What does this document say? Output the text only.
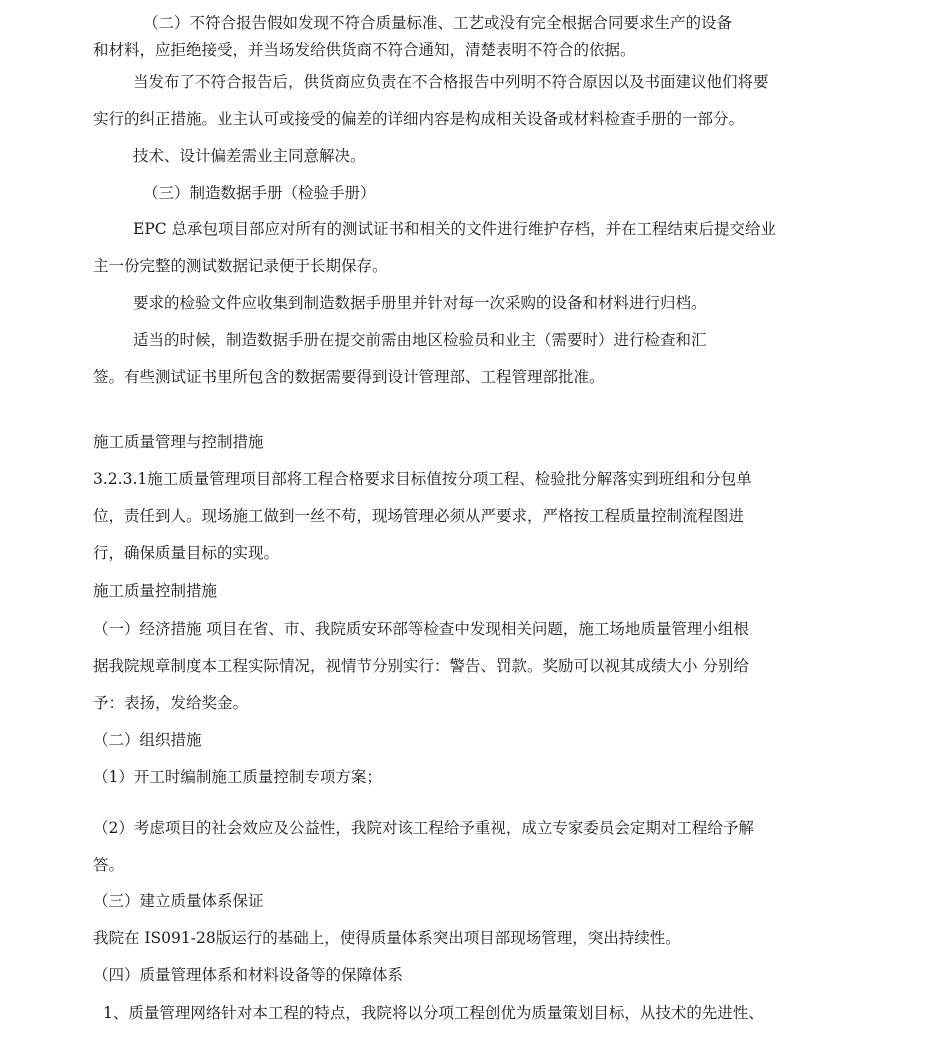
（二）不符合报告假如发现不符合质量标准、工艺或没有完全根据合同要求生产的设备
和材料，应拒绝接受，并当场发给供货商不符合通知，清楚表明不符合的依据。
当发布了不符合报告后，供货商应负责在不合格报告中列明不符合原因以及书面建议他们将要
实行的纠正措施。业主认可或接受的偏差的详细内容是构成相关设备或材料检查手册的一部分。
技术、设计偏差需业主同意解决。
（三）制造数据手册（检验手册）
EPC 总承包项目部应对所有的测试证书和相关的文件进行维护存档，并在工程结束后提交给业
主一份完整的测试数据记录便于长期保存。
要求的检验文件应收集到制造数据手册里并针对每一次采购的设备和材料进行归档。
适当的时候，制造数据手册在提交前需由地区检验员和业主（需要时）进行检查和汇
签。有些测试证书里所包含的数据需要得到设计管理部、工程管理部批准。
施工质量管理与控制措施
3.2.3.1施工质量管理项目部将工程合格要求目标值按分项工程、检验批分解落实到班组和分包单
位，责任到人。现场施工做到一丝不苟，现场管理必须从严要求，严格按工程质量控制流程图进
行，确保质量目标的实现。
施工质量控制措施
（一）经济措施 项目在省、市、我院质安环部等检查中发现相关问题，施工场地质量管理小组根
据我院规章制度本工程实际情况，视情节分别实行：警告、罚款。奖励可以视其成绩大小 分别给
予：表扬，发给奖金。
（二）组织措施
（1）开工时编制施工质量控制专项方案；
（2）考虑项目的社会效应及公益性，我院对该工程给予重视，成立专家委员会定期对工程给予解
答。
（三）建立质量体系保证
我院在 IS091-28版运行的基础上，使得质量体系突出项目部现场管理，突出持续性。
（四）质量管理体系和材料设备等的保障体系
1、质量管理网络针对本工程的特点，我院将以分项工程创优为质量策划目标，从技术的先进性、
